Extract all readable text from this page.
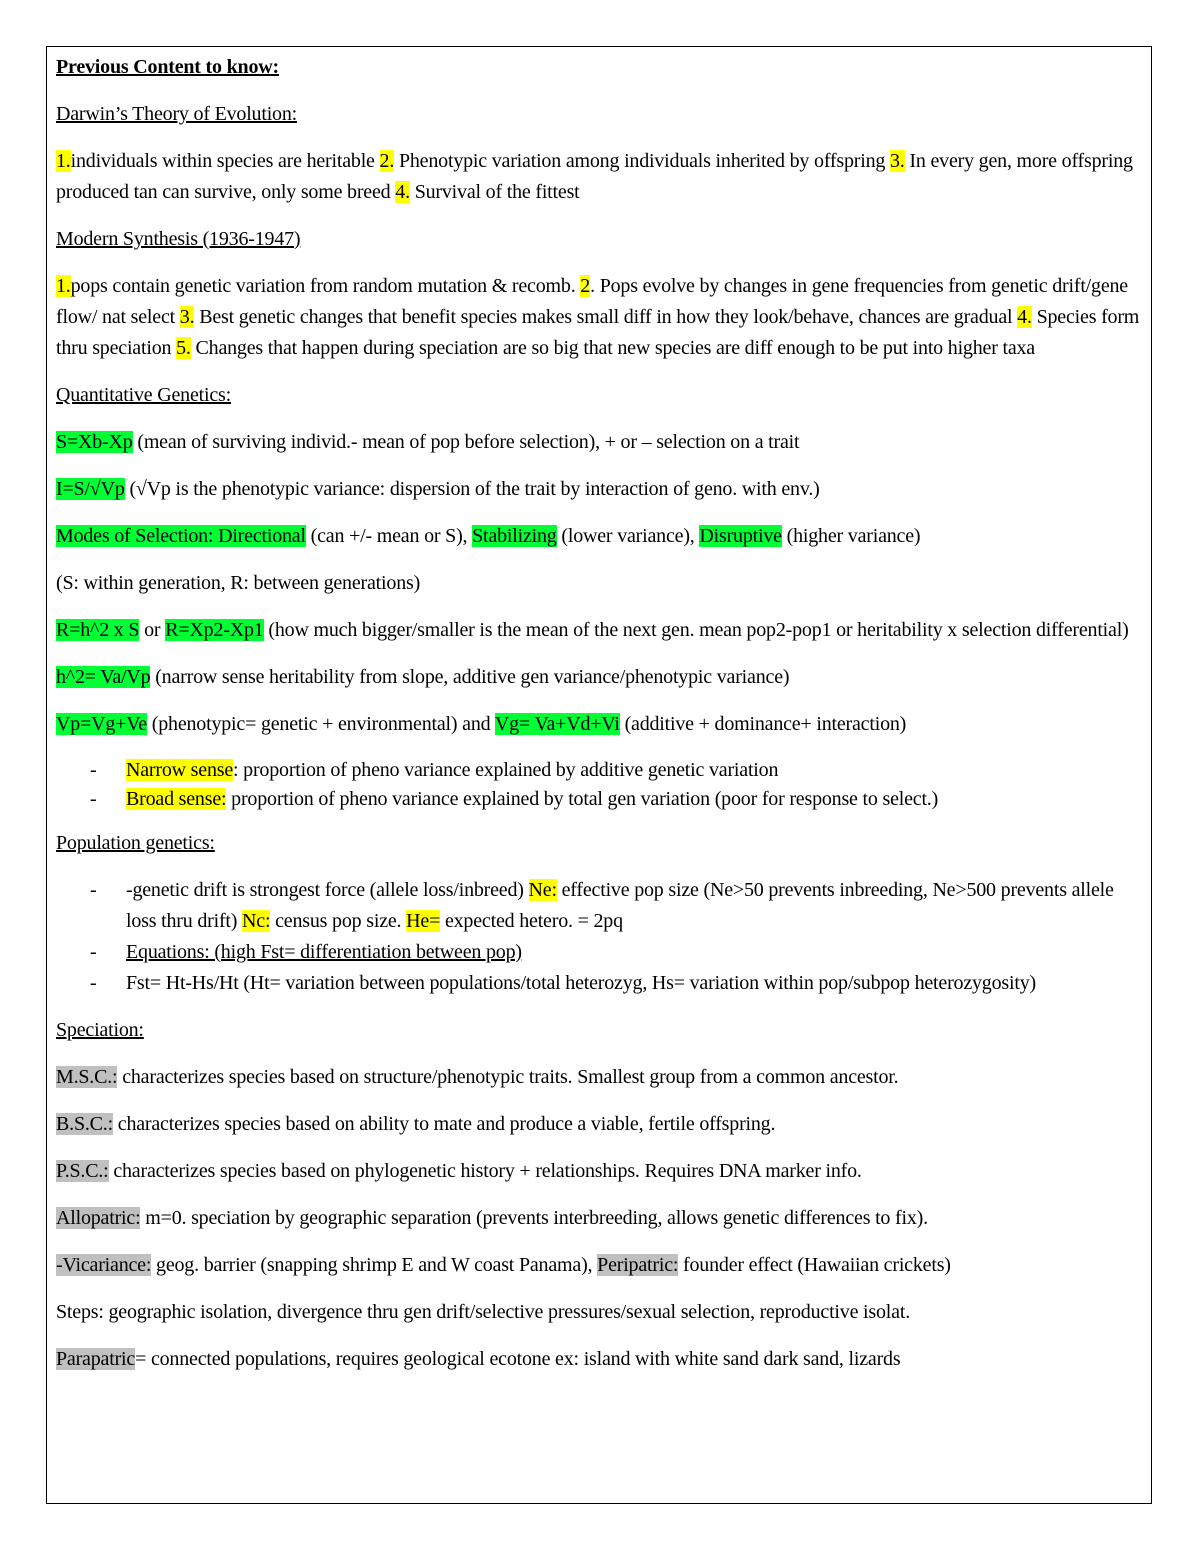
Previous Content to know:

Darwin’s Theory of Evolution:

1.individuals within species are heritable 2. Phenotypic variation among individuals inherited by offspring 3. In every gen, more offspring produced tan can survive, only some breed 4. Survival of the fittest

Modern Synthesis (1936-1947)

1.pops contain genetic variation from random mutation & recomb. 2. Pops evolve by changes in gene frequencies from genetic drift/gene flow/ nat select 3. Best genetic changes that benefit species makes small diff in how they look/behave, chances are gradual 4. Species form thru speciation 5. Changes that happen during speciation are so big that new species are diff enough to be put into higher taxa

Quantitative Genetics:

S=Xb-Xp (mean of surviving individ.- mean of pop before selection), + or – selection on a trait

I=S/√Vp (√Vp is the phenotypic variance: dispersion of the trait by interaction of geno. with env.)

Modes of Selection: Directional (can +/- mean or S), Stabilizing (lower variance), Disruptive (higher variance)

(S: within generation, R: between generations)

R=h^2 x S or R=Xp2-Xp1 (how much bigger/smaller is the mean of the next gen. mean pop2-pop1 or heritability x selection differential)

h^2= Va/Vp (narrow sense heritability from slope, additive gen variance/phenotypic variance)

Vp=Vg+Ve (phenotypic= genetic + environmental) and Vg= Va+Vd+Vi (additive + dominance+ interaction)

- Narrow sense: proportion of pheno variance explained by additive genetic variation
- Broad sense: proportion of pheno variance explained by total gen variation (poor for response to select.)

Population genetics:

- -genetic drift is strongest force (allele loss/inbreed) Ne: effective pop size (Ne>50 prevents inbreeding, Ne>500 prevents allele loss thru drift) Nc: census pop size. He= expected hetero. = 2pq
- Equations: (high Fst= differentiation between pop)
- Fst= Ht-Hs/Ht (Ht= variation between populations/total heterozyg, Hs= variation within pop/subpop heterozygosity)

Speciation:

M.S.C.: characterizes species based on structure/phenotypic traits. Smallest group from a common ancestor.

B.S.C.: characterizes species based on ability to mate and produce a viable, fertile offspring.

P.S.C.: characterizes species based on phylogenetic history + relationships. Requires DNA marker info.

Allopatric: m=0. speciation by geographic separation (prevents interbreeding, allows genetic differences to fix).

-Vicariance: geog. barrier (snapping shrimp E and W coast Panama), Peripatric: founder effect (Hawaiian crickets)

Steps: geographic isolation, divergence thru gen drift/selective pressures/sexual selection, reproductive isolat.

Parapatric= connected populations, requires geological ecotone ex: island with white sand dark sand, lizards
